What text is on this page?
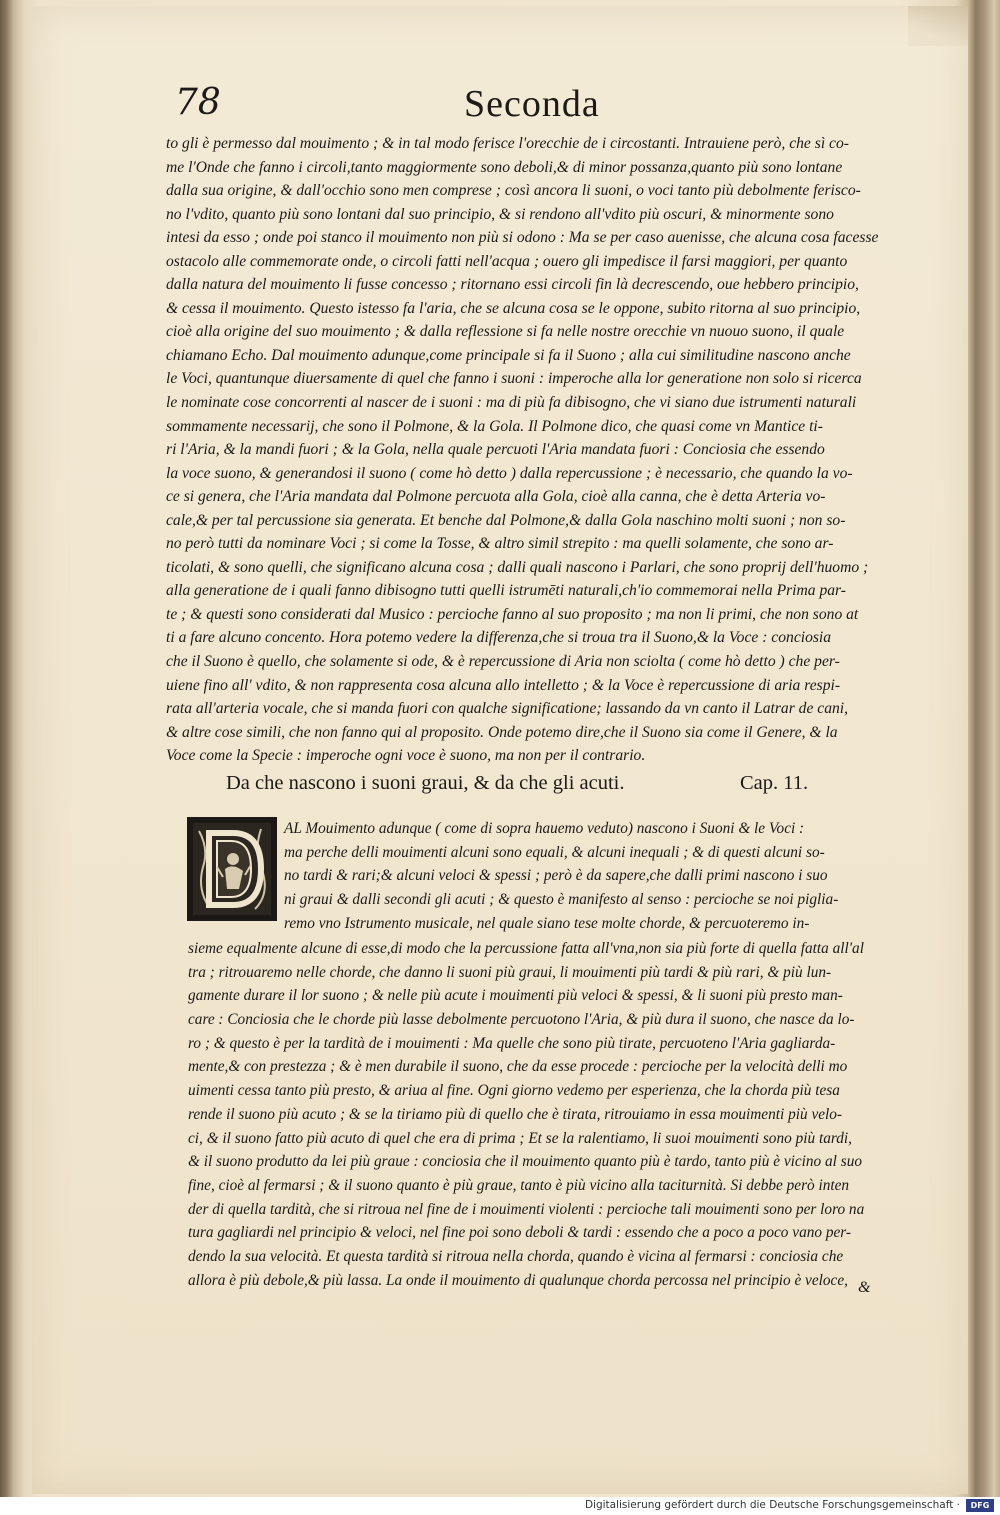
78	Seconda

to gli è permesso dal mouimento ; & in tal modo ferisce l'orecchie de i circostanti. Intrauiene però, che sì co-

me l'Onde che fanno i circoli,tanto maggiormente sono deboli,& di minor possanza,quanto più sono lontane

dalla sua origine, & dall'occhio sono men comprese ; così ancora li suoni, o voci tanto più debolmente ferisco-

no l'vdito, quanto più sono lontani dal suo principio, & si rendono all'vdito più oscuri, & minormente sono

intesi da esso ; onde poi stanco il mouimento non più si odono : Ma se per caso auenisse, che alcuna cosa facesse

ostacolo alle commemorate onde, o circoli fatti nell'acqua ; ouero gli impedisce il farsi maggiori, per quanto

dalla natura del mouimento li fusse concesso ; ritornano essi circoli fin là decrescendo, oue hebbero principio,

& cessa il mouimento. Questo istesso fa l'aria, che se alcuna cosa se le oppone, subito ritorna al suo principio,

cioè alla origine del suo mouimento ; & dalla reflessione si fa nelle nostre orecchie vn nuouo suono, il quale

chiamano Echo. Dal mouimento adunque,come principale si fa il Suono ; alla cui similitudine nascono anche

le Voci, quantunque diuersamente di quel che fanno i suoni : imperoche alla lor generatione non solo si ricerca

le nominate cose concorrenti al nascer de i suoni : ma di più fa dibisogno, che vi siano due istrumenti naturali

sommamente necessarij, che sono il Polmone, & la Gola. Il Polmone dico, che quasi come vn Mantice ti-

ri l'Aria, & la mandi fuori ; & la Gola, nella quale percuoti l'Aria mandata fuori : Conciosia che essendo

la voce suono, & generandosi il suono ( come hò detto ) dalla repercussione ; è necessario, che quando la vo-

ce si genera, che l'Aria mandata dal Polmone percuota alla Gola, cioè alla canna, che è detta Arteria vo-

cale,& per tal percussione sia generata. Et benche dal Polmone,& dalla Gola naschino molti suoni ; non so-

no però tutti da nominare Voci ; si come la Tosse, & altro simil strepito : ma quelli solamente, che sono ar-

ticolati, & sono quelli, che significano alcuna cosa ; dalli quali nascono i Parlari, che sono proprij dell'huomo ;

alla generatione de i quali fanno dibisogno tutti quelli istrumēti naturali,ch'io commemorai nella Prima par-

te ; & questi sono considerati dal Musico : percioche fanno al suo proposito ; ma non li primi, che non sono at

ti a fare alcuno concento. Hora potemo vedere la differenza,che si troua tra il Suono,& la Voce : conciosia

che il Suono è quello, che solamente si ode, & è repercussione di Aria non sciolta ( come hò detto ) che per-

uiene fino all' vdito, & non rappresenta cosa alcuna allo intelletto ; & la Voce è repercussione di aria respi-

rata all'arteria vocale, che si manda fuori con qualche significatione; lassando da vn canto il Latrar de cani,

& altre cose simili, che non fanno qui al proposito. Onde potemo dire,che il Suono sia come il Genere, & la

Voce come la Specie : imperoche ogni voce è suono, ma non per il contrario.

Da che nascono i suoni graui, & da che gli acuti.	Cap. 11.

AL Mouimento adunque ( come di sopra hauemo veduto) nascono i Suoni & le Voci :

ma perche delli mouimenti alcuni sono equali, & alcuni inequali ; & di questi alcuni so-

no tardi & rari;& alcuni veloci & spessi ; però è da sapere,che dalli primi nascono i suo

ni graui & dalli secondi gli acuti ; & questo è manifesto al senso : percioche se noi piglia-

remo vno Istrumento musicale, nel quale siano tese molte chorde, & percuoteremo in-

sieme equalmente alcune di esse,di modo che la percussione fatta all'vna,non sia più forte di quella fatta all'al

tra ; ritrouaremo nelle chorde, che danno li suoni più graui, li mouimenti più tardi & più rari, & più lun-

gamente durare il lor suono ; & nelle più acute i mouimenti più veloci & spessi, & li suoni più presto man-

care : Conciosia che le chorde più lasse debolmente percuotono l'Aria, & più dura il suono, che nasce da lo-

ro ; & questo è per la tardità de i mouimenti : Ma quelle che sono più tirate, percuoteno l'Aria gagliarda-

mente,& con prestezza ; & è men durabile il suono, che da esse procede : percioche per la velocità delli mo

uimenti cessa tanto più presto, & ariua al fine. Ogni giorno vedemo per esperienza, che la chorda più tesa

rende il suono più acuto ; & se la tiriamo più di quello che è tirata, ritrouiamo in essa mouimenti più velo-

ci, & il suono fatto più acuto di quel che era di prima ; Et se la ralentiamo, li suoi mouimenti sono più tardi,

& il suono produtto da lei più graue : conciosia che il mouimento quanto più è tardo, tanto più è vicino al suo

fine, cioè al fermarsi ; & il suono quanto è più graue, tanto è più vicino alla taciturnità. Si debbe però inten

der di quella tardità, che si ritroua nel fine de i mouimenti violenti : percioche tali mouimenti sono per loro na

tura gagliardi nel principio & veloci, nel fine poi sono deboli & tardi : essendo che a poco a poco vano per-

dendo la sua velocità. Et questa tardità si ritroua nella chorda, quando è vicina al fermarsi : conciosia che

allora è più debole,& più lassa. La onde il mouimento di qualunque chorda percossa nel principio è veloce, &
Digitalisierung gefördert durch die Deutsche Forschungsgemeinschaft ·	DFG
